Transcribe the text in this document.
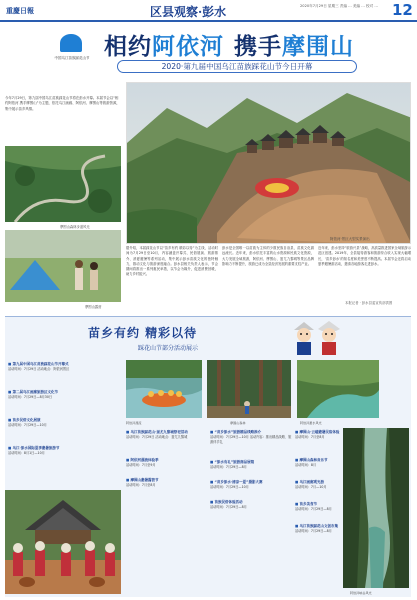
重慶日報	区县观察·彭水	2020年7月29日 星期三 责编 … 美编 … 校对 … 12
中国乌江苗族踩花山节 相约阿依河 携手摩围山
2020·第九届中国乌江苗族踩花山节今日开幕
阿依河·景区大型实景演出
今年7月29日，第九届中国乌江苗族踩花山节将在彭水开幕。本届节会以“相约阿依河 携手摩围山”为主题，依托乌江画廊、阿依河、摩围山等旅游资源，集中展示苗乡风情。
摩围山森林步道风光
摩围山露营
据介绍，本届踩花山节以“苗乡有约 精彩以待”为主线，活动时间为7月29日至10月，内容涵盖开幕式、民俗展演、旅游推介、消夏避暑等系列活动，集中展示彭水苗族文化的独特魅力，推动文化与旅游深度融合。彭水县相关负责人表示，节会期间将推出一系列惠民举措，以节会为媒介，促进消费回暖，助力乡村振兴。
彭水是全国唯一以苗族为主体的少数民族自治县，苗族文化源远流长。近年来，彭水依托丰富的山水资源和民族文化资源，大力发展全域旅游，阿依河、摩围山、蚩尤九黎城等景区品牌影响力不断提升，旅游已成为全县经济发展的重要支柱产业。
近年来，彭水坚持“旅游兴县”战略，高质量推进国家全域旅游示范区创建。2019年，全县接待游客和旅游综合收入实现大幅增长，‘苗乡彭水’的知名度和美誉度不断提高。本届节会还将启动夏季避暑游活动，邀请各地游客走进彭水。
本报记者 · 彭水县委宣传部供图
苗乡有约 精彩以待
踩花山节部分活动展示
■ 第九届中国乌江苗族踩花山节开幕式
活动时间：7月29日 活动地点：阿依河景区
■ 第二届乌江画廊旅游区文化节
活动时间：7月29日—8月30日
■ 苗乡民俗文化展演
活动时间：7月29日—10月
■ 乌江·彭水国际夏季避暑旅游节
活动时间：8月1日—10月
阿依河漂流	摩围山森林	阿依河碧水风光
■ 乌江苗族踩花山·蚩尤九黎城祭祀活动
活动时间：7月29日 活动地点：蚩尤九黎城
■ 阿依河漂流体验季
活动时间：7月至9月
■ 摩围山避暑露营节
活动时间：7月至8月
■ “苗乡彭水”旅游精品线路推介
活动时间：7月29日—10月 活动内容：推出精品线路、旅游伴手礼
■ “彭水有礼”旅游商品展销
活动时间：7月29日—8月
■ “苗乡彭水·清凉一夏”摄影大赛
活动时间：7月29日—10月
■ 苗族民俗体验活动
活动时间：7月29日—8月
■ 摩围山·云端避暑民宿体验
活动时间：7月至8月
■ 摩围山森林音乐节
活动时间：8月
■ 乌江画廊观光游
活动时间：7月—10月
■ 苗乡美食节
活动时间：7月29日—8月
■ 乌江苗族踩花山文创市集
活动时间：7月29日—8月
阿依河峡谷风光
